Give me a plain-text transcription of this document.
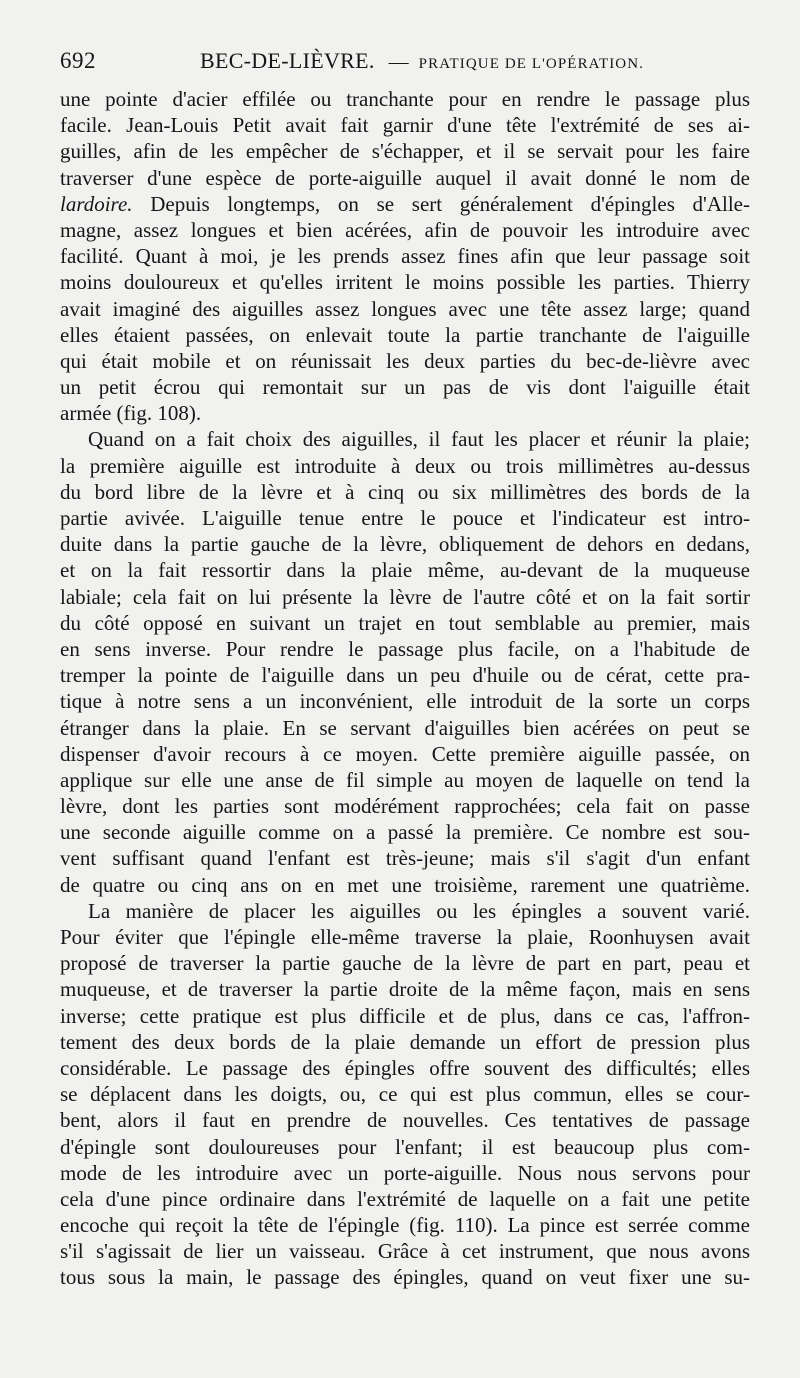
692	BEC-DE-LIÈVRE. — PRATIQUE DE L'OPÉRATION.
une pointe d'acier effilée ou tranchante pour en rendre le passage plus
facile. Jean-Louis Petit avait fait garnir d'une tête l'extrémité de ses ai-
guilles, afin de les empêcher de s'échapper, et il se servait pour les faire
traverser d'une espèce de porte-aiguille auquel il avait donné le nom de
lardoire. Depuis longtemps, on se sert généralement d'épingles d'Alle-
magne, assez longues et bien acérées, afin de pouvoir les introduire avec
facilité. Quant à moi, je les prends assez fines afin que leur passage soit
moins douloureux et qu'elles irritent le moins possible les parties. Thierry
avait imaginé des aiguilles assez longues avec une tête assez large; quand
elles étaient passées, on enlevait toute la partie tranchante de l'aiguille
qui était mobile et on réunissait les deux parties du bec-de-lièvre avec
un petit écrou qui remontait sur un pas de vis dont l'aiguille était
armée (fig. 108).
Quand on a fait choix des aiguilles, il faut les placer et réunir la plaie;
la première aiguille est introduite à deux ou trois millimètres au-dessus
du bord libre de la lèvre et à cinq ou six millimètres des bords de la
partie avivée. L'aiguille tenue entre le pouce et l'indicateur est intro-
duite dans la partie gauche de la lèvre, obliquement de dehors en dedans,
et on la fait ressortir dans la plaie même, au-devant de la muqueuse
labiale; cela fait on lui présente la lèvre de l'autre côté et on la fait sortir
du côté opposé en suivant un trajet en tout semblable au premier, mais
en sens inverse. Pour rendre le passage plus facile, on a l'habitude de
tremper la pointe de l'aiguille dans un peu d'huile ou de cérat, cette pra-
tique à notre sens a un inconvénient, elle introduit de la sorte un corps
étranger dans la plaie. En se servant d'aiguilles bien acérées on peut se
dispenser d'avoir recours à ce moyen. Cette première aiguille passée, on
applique sur elle une anse de fil simple au moyen de laquelle on tend la
lèvre, dont les parties sont modérément rapprochées; cela fait on passe
une seconde aiguille comme on a passé la première. Ce nombre est sou-
vent suffisant quand l'enfant est très-jeune; mais s'il s'agit d'un enfant
de quatre ou cinq ans on en met une troisième, rarement une quatrième.
La manière de placer les aiguilles ou les épingles a souvent varié.
Pour éviter que l'épingle elle-même traverse la plaie, Roonhuysen avait
proposé de traverser la partie gauche de la lèvre de part en part, peau et
muqueuse, et de traverser la partie droite de la même façon, mais en sens
inverse; cette pratique est plus difficile et de plus, dans ce cas, l'affron-
tement des deux bords de la plaie demande un effort de pression plus
considérable. Le passage des épingles offre souvent des difficultés; elles
se déplacent dans les doigts, ou, ce qui est plus commun, elles se cour-
bent, alors il faut en prendre de nouvelles. Ces tentatives de passage
d'épingle sont douloureuses pour l'enfant; il est beaucoup plus com-
mode de les introduire avec un porte-aiguille. Nous nous servons pour
cela d'une pince ordinaire dans l'extrémité de laquelle on a fait une petite
encoche qui reçoit la tête de l'épingle (fig. 110). La pince est serrée comme
s'il s'agissait de lier un vaisseau. Grâce à cet instrument, que nous avons
tous sous la main, le passage des épingles, quand on veut fixer une su-
